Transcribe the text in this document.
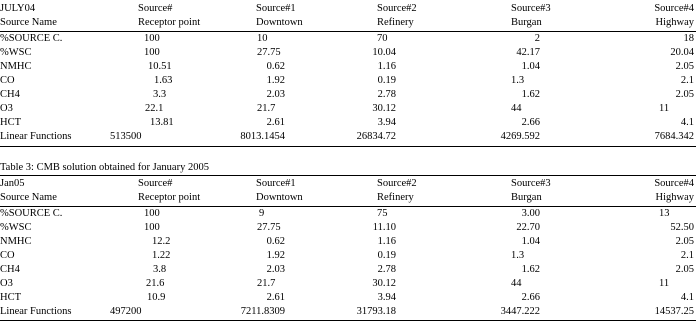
JULY04	Source#	Source#1	Source#2	Source#3	Source#4
Source Name	Receptor point	Downtown	Refinery	Burgan	Highway
%SOURCE C.	100	10	70	2	18
%WSC	100	27.75	10.04	42.17	20.04
NMHC	10.51	0.62	1.16	1.04	2.05
CO	1.63	1.92	0.19	1.3	2.1
CH4	3.3	2.03	2.78	1.62	2.05
O3	22.1	21.7	30.12	44	11
HCT	13.81	2.61	3.94	2.66	4.1
Linear Functions	513500	8013.1454	26834.72	4269.592	7684.342
Table 3: CMB solution obtained for January 2005
Jan05	Source#	Source#1	Source#2	Source#3	Source#4
Source Name	Receptor point	Downtown	Refinery	Burgan	Highway
%SOURCE C.	100	9	75	3.00	13
%WSC	100	27.75	11.10	22.70	52.50
NMHC	12.2	0.62	1.16	1.04	2.05
CO	1.22	1.92	0.19	1.3	2.1
CH4	3.8	2.03	2.78	1.62	2.05
O3	21.6	21.7	30.12	44	11
HCT	10.9	2.61	3.94	2.66	4.1
Linear Functions	497200	7211.8309	31793.18	3447.222	14537.25
